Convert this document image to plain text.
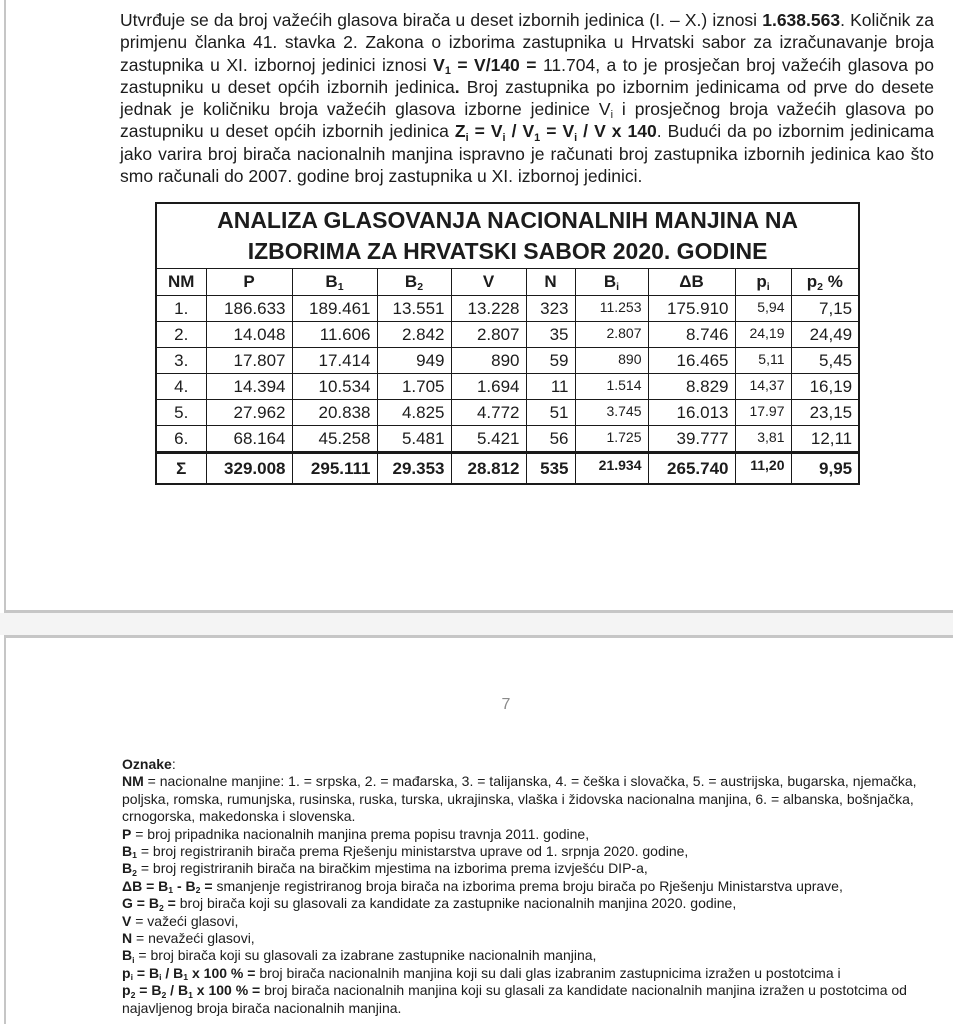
Utvrđuje se da broj važećih glasova birača u deset izbornih jedinica (I. – X.) iznosi 1.638.563. Količnik za primjenu članka 41. stavka 2. Zakona o izborima zastupnika u Hrvatski sabor za izračunavanje broja zastupnika u XI. izbornoj jedinici iznosi $V_1 = V/140 = 11.704$, a to je prosječan broj važećih glasova po zastupniku u deset općih izbornih jedinica. Broj zastupnika po izbornim jedinicama od prve do desete jednak je količniku broja važećih glasova izborne jedinice $V_i$ i prosječnog broja važećih glasova po zastupniku u deset općih izbornih jedinica $Z_i = V_i / V_1 = V_i / V$ x 140. Budući da po izbornim jedinicama jako varira broj birača nacionalnih manjina ispravno je računati broj zastupnika izbornih jedinica kao što smo računali do 2007. godine broj zastupnika u XI. izbornoj jedinici.
ANALIZA GLASOVANJA NACIONALNIH MANJINA NA
IZBORIMA ZA HRVATSKI SABOR 2020. GODINE									

NM	P	$B_1$	$B_2$	V	N	$B_i$	ΔB	$p_i$	$p_2$ %
1.	186.633	189.461	13.551	13.228	323	11.253	175.910	5,94	7,15
2.	14.048	11.606	2.842	2.807	35	2.807	8.746	24,19	24,49
3.	17.807	17.414	949	890	59	890	16.465	5,11	5,45
4.	14.394	10.534	1.705	1.694	11	1.514	8.829	14,37	16,19
5.	27.962	20.838	4.825	4.772	51	3.745	16.013	17.97	23,15
6.	68.164	45.258	5.481	5.421	56	1.725	39.777	3,81	12,11
Σ	329.008	295.111	29.353	28.812	535	21.934	265.740	11,20	9,95
7

Oznake:

NM = nacionalne manjine: 1. = srpska, 2. = mađarska, 3. = talijanska, 4. = češka i slovačka, 5. = austrijska, bugarska, njemačka, poljska, romska, rumunjska, rusinska, ruska, turska, ukrajinska, vlaška i židovska nacionalna manjina, 6. = albanska, bošnjačka, crnogorska, makedonska i slovenska.

P = broj pripadnika nacionalnih manjina prema popisu travnja 2011. godine,

$B_1$ = broj registriranih birača prema Rješenju ministarstva uprave od 1. srpnja 2020. godine,

$B_2$ = broj registriranih birača na biračkim mjestima na izborima prema izvješću DIP-a,

$\Delta B = B_1 - B_2$ = smanjenje registriranog broja birača na izborima prema broju birača po Rješenju Ministarstva uprave,

$G = B_2$ = broj birača koji su glasovali za kandidate za zastupnike nacionalnih manjina 2020. godine,

V = važeći glasovi,

N = nevažeći glasovi,

$B_i$ = broj birača koji su glasovali za izabrane zastupnike nacionalnih manjina,

$p_i = B_i / B_1$ x 100 % = broj birača nacionalnih manjina koji su dali glas izabranim zastupnicima izražen u postotcima i

$p_2 = B_2 / B_1$ x 100 % = broj birača nacionalnih manjina koji su glasali za kandidate nacionalnih manjina izražen u postotcima od najavljenog broja birača nacionalnih manjina.
